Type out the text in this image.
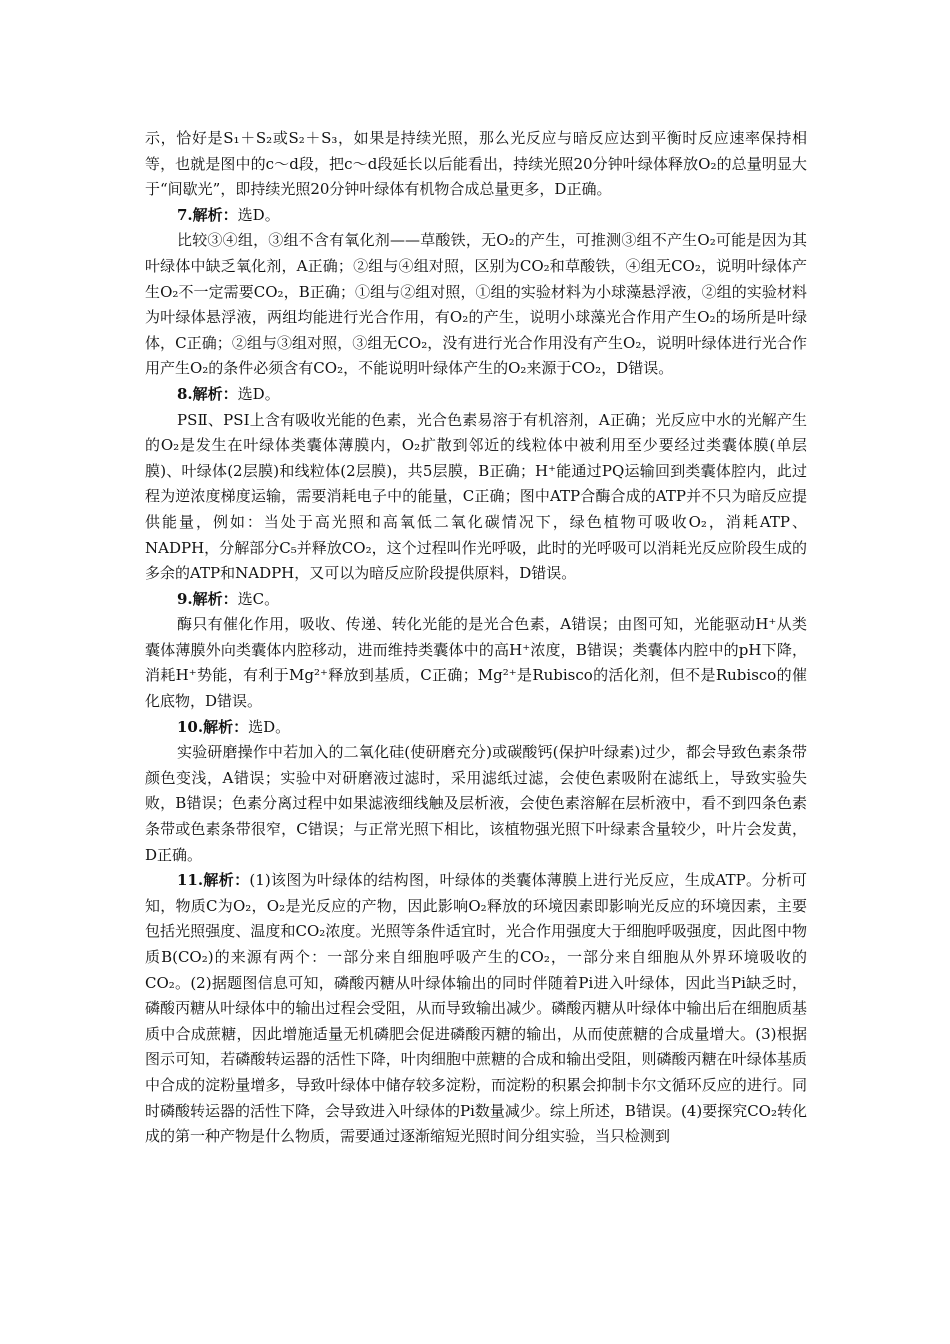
示，恰好是S₁＋S₂或S₂＋S₃，如果是持续光照，那么光反应与暗反应达到平衡时反应速率保持相等，也就是图中的c～d段，把c～d段延长以后能看出，持续光照20分钟叶绿体释放O₂的总量明显大于“间歇光”，即持续光照20分钟叶绿体有机物合成总量更多，D正确。

7.解析：选D。

比较③④组，③组不含有氧化剂——草酸铁，无O₂的产生，可推测③组不产生O₂可能是因为其叶绿体中缺乏氧化剂，A正确；②组与④组对照，区别为CO₂和草酸铁，④组无CO₂，说明叶绿体产生O₂不一定需要CO₂，B正确；①组与②组对照，①组的实验材料为小球藻悬浮液，②组的实验材料为叶绿体悬浮液，两组均能进行光合作用，有O₂的产生，说明小球藻光合作用产生O₂的场所是叶绿体，C正确；②组与③组对照，③组无CO₂，没有进行光合作用没有产生O₂，说明叶绿体进行光合作用产生O₂的条件必须含有CO₂，不能说明叶绿体产生的O₂来源于CO₂，D错误。

8.解析：选D。

PSⅡ、PSⅠ上含有吸收光能的色素，光合色素易溶于有机溶剂，A正确；光反应中水的光解产生的O₂是发生在叶绿体类囊体薄膜内，O₂扩散到邻近的线粒体中被利用至少要经过类囊体膜(单层膜)、叶绿体(2层膜)和线粒体(2层膜)，共5层膜，B正确；H⁺能通过PQ运输回到类囊体腔内，此过程为逆浓度梯度运输，需要消耗电子中的能量，C正确；图中ATP合酶合成的ATP并不只为暗反应提供能量，例如：当处于高光照和高氧低二氧化碳情况下，绿色植物可吸收O₂，消耗ATP、NADPH，分解部分C₅并释放CO₂，这个过程叫作光呼吸，此时的光呼吸可以消耗光反应阶段生成的多余的ATP和NADPH，又可以为暗反应阶段提供原料，D错误。

9.解析：选C。

酶只有催化作用，吸收、传递、转化光能的是光合色素，A错误；由图可知，光能驱动H⁺从类囊体薄膜外向类囊体内腔移动，进而维持类囊体中的高H⁺浓度，B错误；类囊体内腔中的pH下降，消耗H⁺势能，有利于Mg²⁺释放到基质，C正确；Mg²⁺是Rubisco的活化剂，但不是Rubisco的催化底物，D错误。

10.解析：选D。

实验研磨操作中若加入的二氧化硅(使研磨充分)或碳酸钙(保护叶绿素)过少，都会导致色素条带颜色变浅，A错误；实验中对研磨液过滤时，采用滤纸过滤，会使色素吸附在滤纸上，导致实验失败，B错误；色素分离过程中如果滤液细线触及层析液，会使色素溶解在层析液中，看不到四条色素条带或色素条带很窄，C错误；与正常光照下相比，该植物强光照下叶绿素含量较少，叶片会发黄，D正确。

11.解析：(1)该图为叶绿体的结构图，叶绿体的类囊体薄膜上进行光反应，生成ATP。分析可知，物质C为O₂，O₂是光反应的产物，因此影响O₂释放的环境因素即影响光反应的环境因素，主要包括光照强度、温度和CO₂浓度。光照等条件适宜时，光合作用强度大于细胞呼吸强度，因此图中物质B(CO₂)的来源有两个：一部分来自细胞呼吸产生的CO₂，一部分来自细胞从外界环境吸收的CO₂。(2)据题图信息可知，磷酸丙糖从叶绿体输出的同时伴随着Pi进入叶绿体，因此当Pi缺乏时，磷酸丙糖从叶绿体中的输出过程会受阻，从而导致输出减少。磷酸丙糖从叶绿体中输出后在细胞质基质中合成蔗糖，因此增施适量无机磷肥会促进磷酸丙糖的输出，从而使蔗糖的合成量增大。(3)根据图示可知，若磷酸转运器的活性下降，叶肉细胞中蔗糖的合成和输出受阻，则磷酸丙糖在叶绿体基质中合成的淀粉量增多，导致叶绿体中储存较多淀粉，而淀粉的积累会抑制卡尔文循环反应的进行。同时磷酸转运器的活性下降，会导致进入叶绿体的Pi数量减少。综上所述，B错误。(4)要探究CO₂转化成的第一种产物是什么物质，需要通过逐渐缩短光照时间分组实验，当只检测到
